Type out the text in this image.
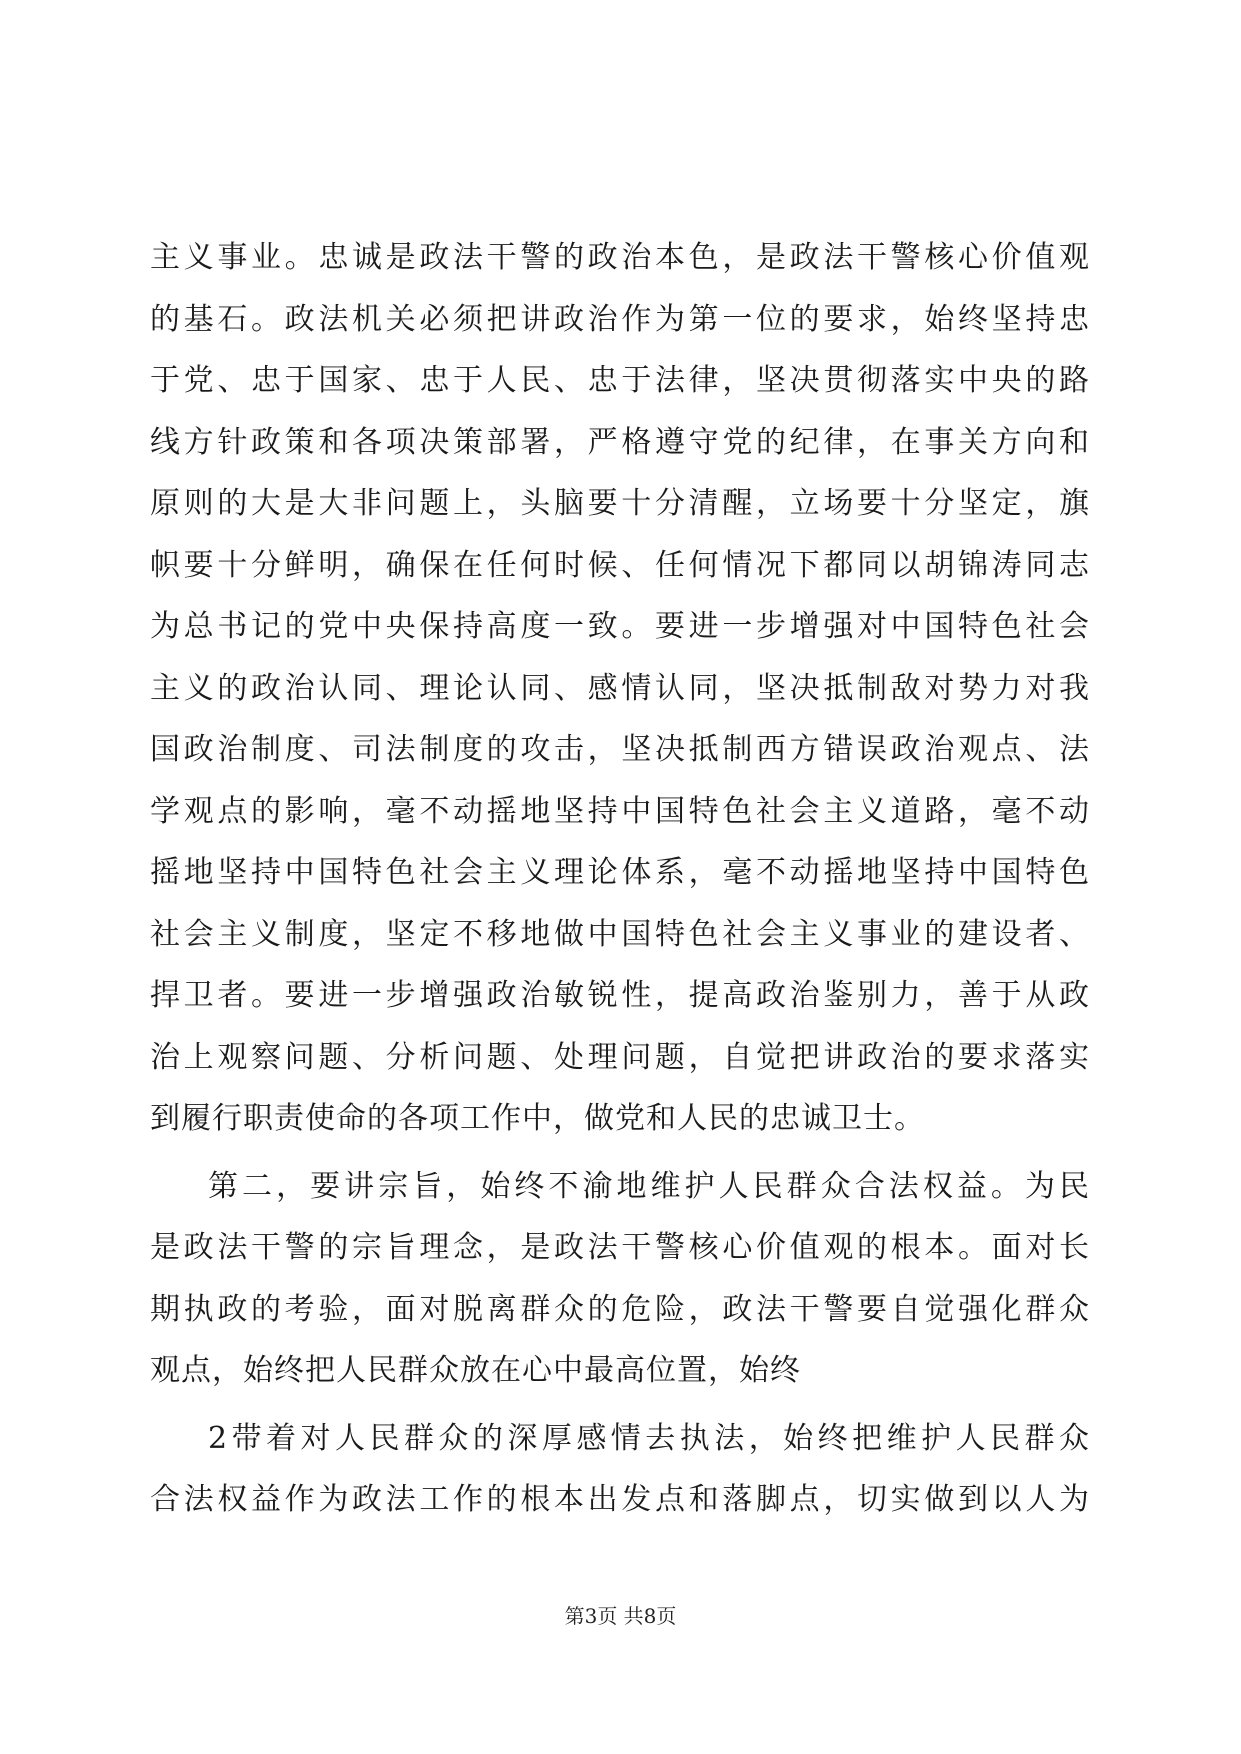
主义事业。忠诚是政法干警的政治本色，是政法干警核心价值观
的基石。政法机关必须把讲政治作为第一位的要求，始终坚持忠
于党、忠于国家、忠于人民、忠于法律，坚决贯彻落实中央的路
线方针政策和各项决策部署，严格遵守党的纪律，在事关方向和
原则的大是大非问题上，头脑要十分清醒，立场要十分坚定，旗
帜要十分鲜明，确保在任何时候、任何情况下都同以胡锦涛同志
为总书记的党中央保持高度一致。要进一步增强对中国特色社会
主义的政治认同、理论认同、感情认同，坚决抵制敌对势力对我
国政治制度、司法制度的攻击，坚决抵制西方错误政治观点、法
学观点的影响，毫不动摇地坚持中国特色社会主义道路，毫不动
摇地坚持中国特色社会主义理论体系，毫不动摇地坚持中国特色
社会主义制度，坚定不移地做中国特色社会主义事业的建设者、
捍卫者。要进一步增强政治敏锐性，提高政治鉴别力，善于从政
治上观察问题、分析问题、处理问题，自觉把讲政治的要求落实
到履行职责使命的各项工作中，做党和人民的忠诚卫士。
第二，要讲宗旨，始终不渝地维护人民群众合法权益。为民
是政法干警的宗旨理念，是政法干警核心价值观的根本。面对长
期执政的考验，面对脱离群众的危险，政法干警要自觉强化群众
观点，始终把人民群众放在心中最高位置，始终
2带着对人民群众的深厚感情去执法，始终把维护人民群众
合法权益作为政法工作的根本出发点和落脚点，切实做到以人为
第3页 共8页
